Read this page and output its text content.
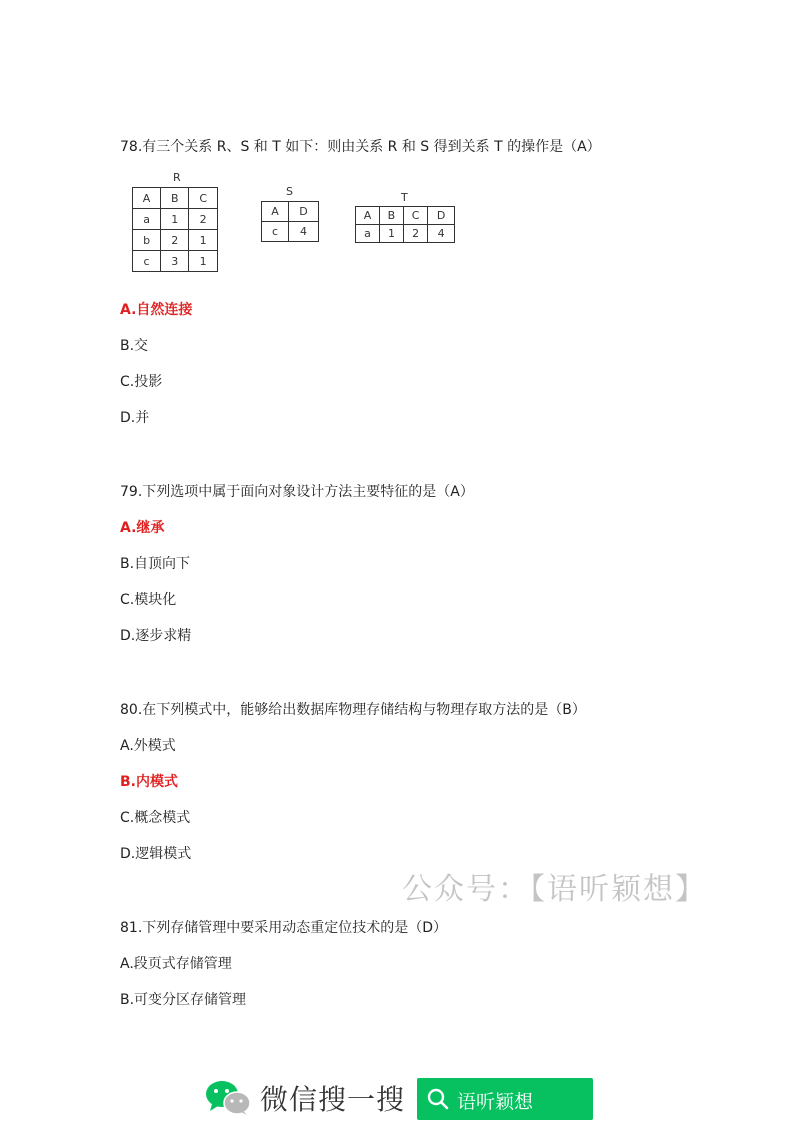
78.有三个关系 R、S 和 T 如下：则由关系 R 和 S 得到关系 T 的操作是（A）
R
A	B	C
a	1	2
b	2	1
c	3	1
S
A	D
c	4
T
A	B	C	D
a	1	2	4
A.自然连接
B.交
C.投影
D.并
79.下列选项中属于面向对象设计方法主要特征的是（A）
A.继承
B.自顶向下
C.模块化
D.逐步求精
80.在下列模式中，能够给出数据库物理存储结构与物理存取方法的是（B）
A.外模式
B.内模式
C.概念模式
D.逻辑模式
公众号：【语听颖想】
81.下列存储管理中要采用动态重定位技术的是（D）
A.段页式存储管理
B.可变分区存储管理
微信搜一搜	语听颖想
